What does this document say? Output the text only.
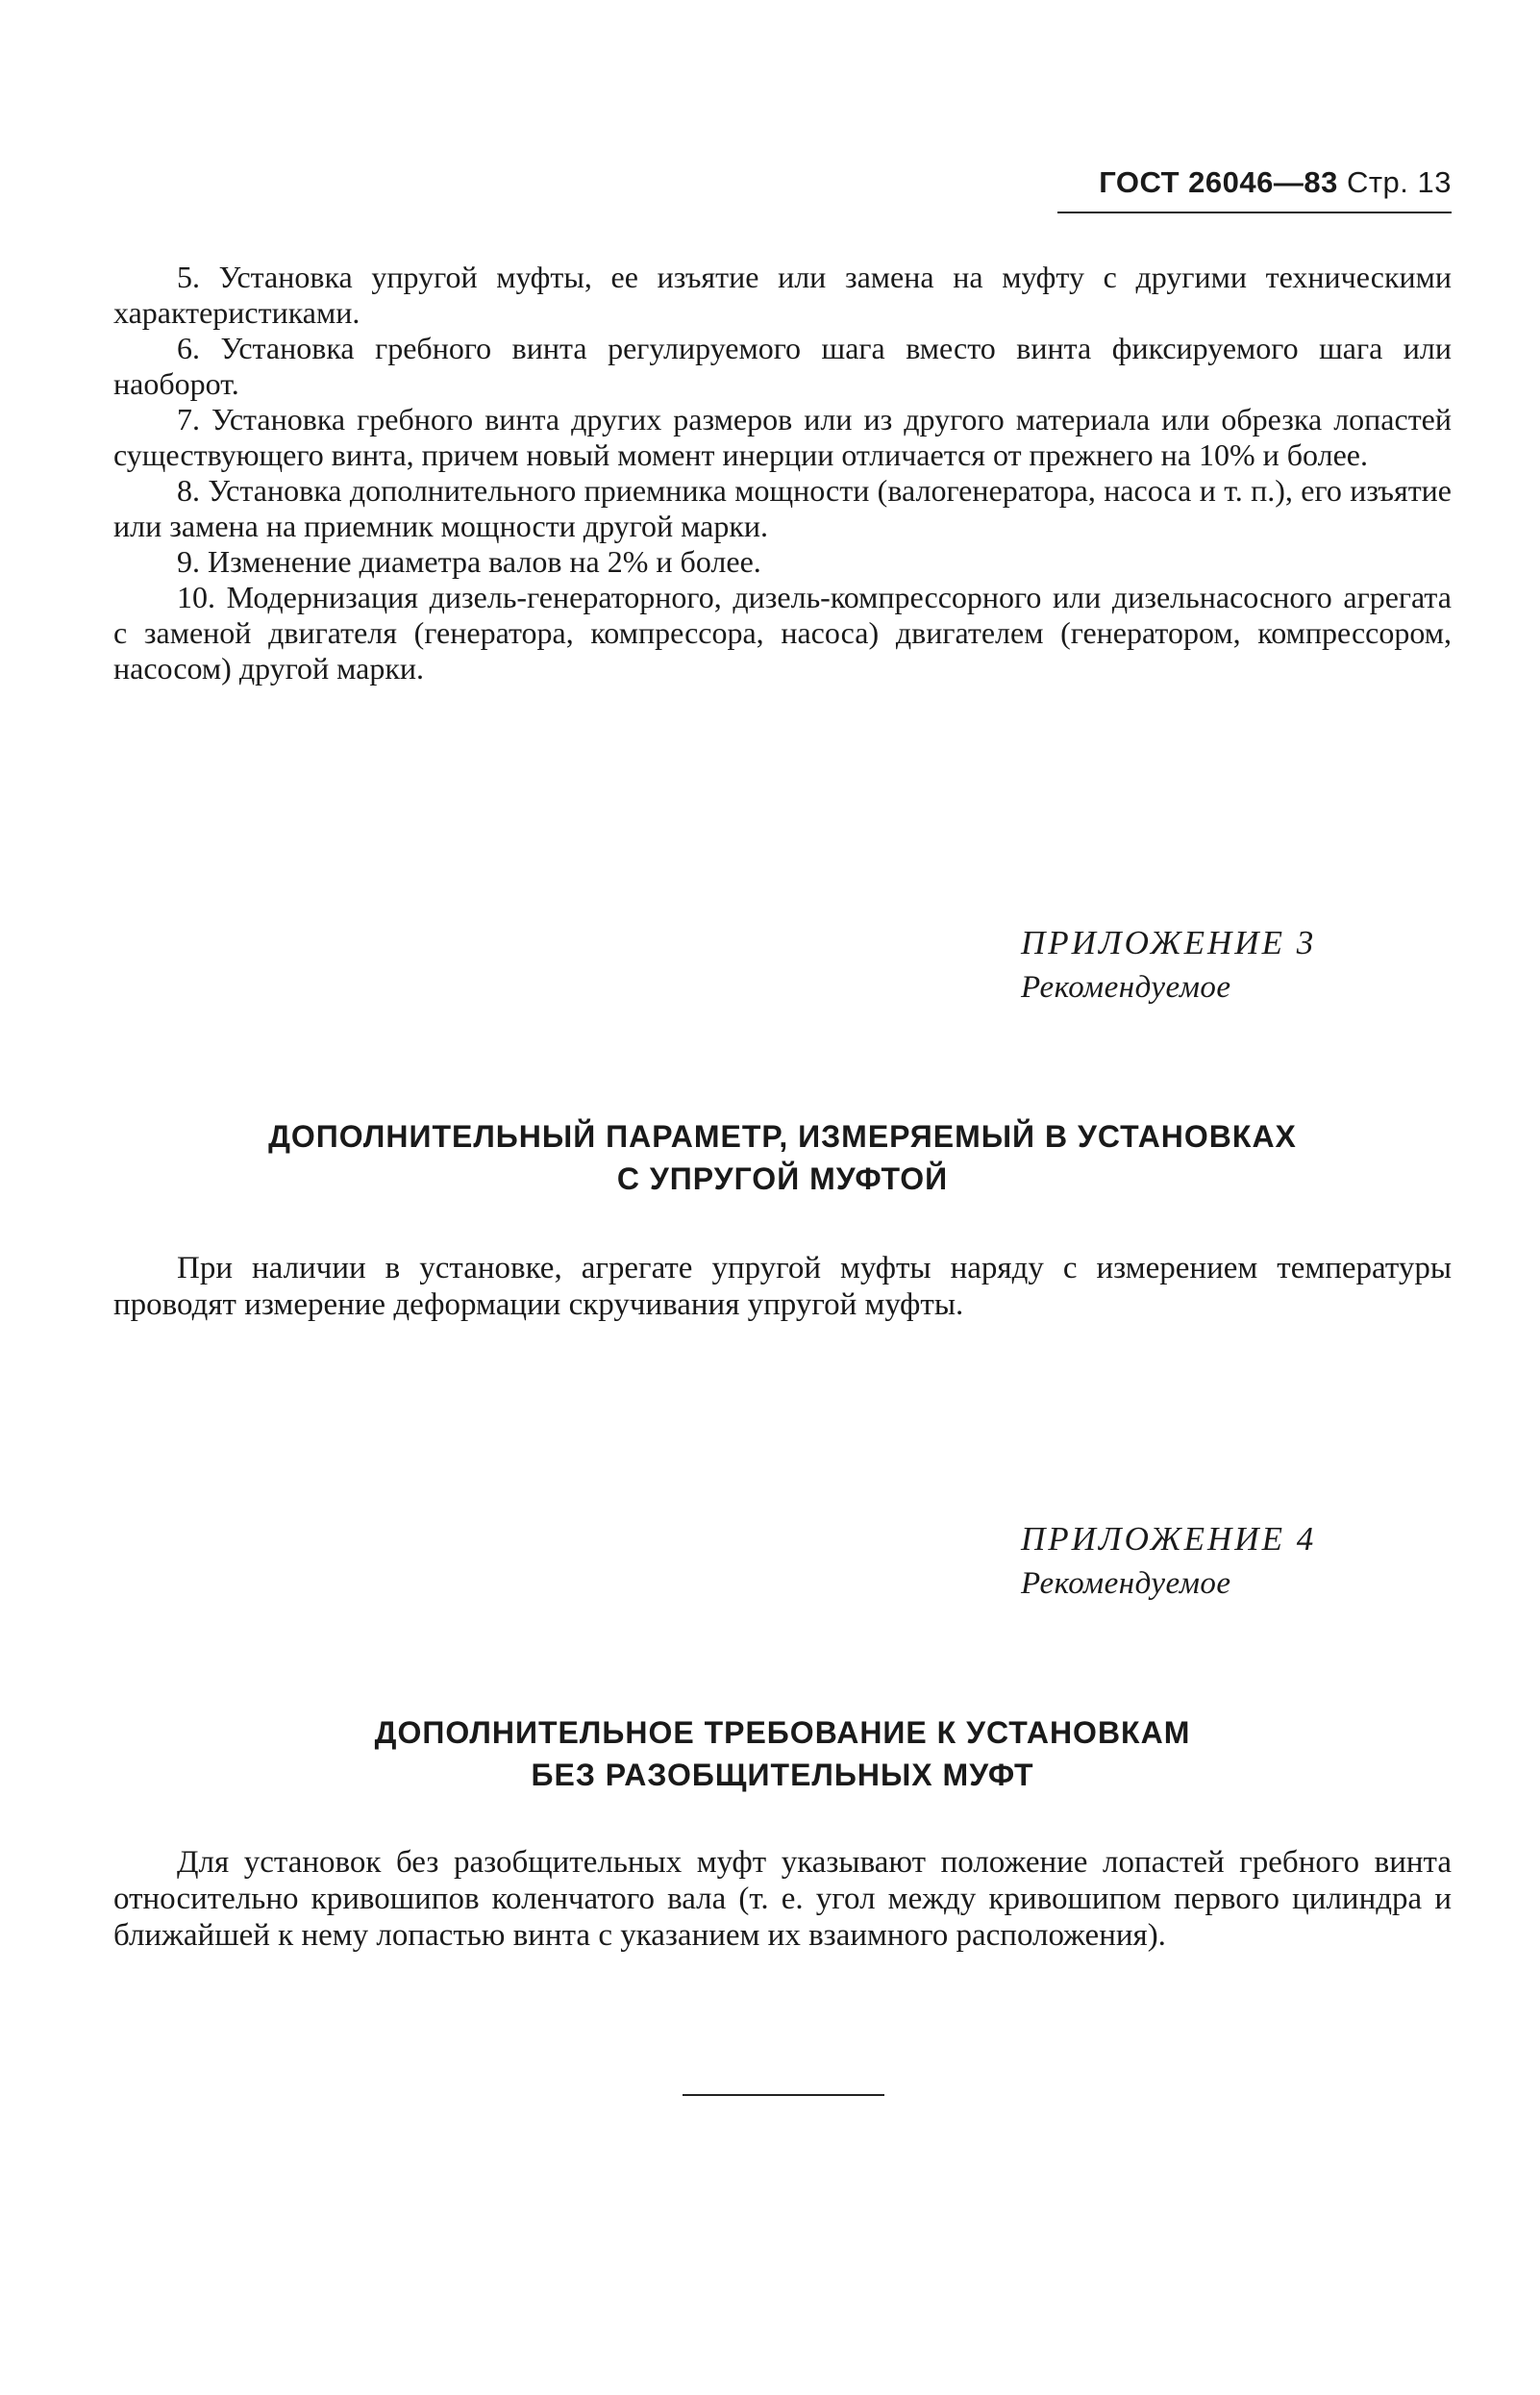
ГОСТ 26046—83 Стр. 13

5. Установка упругой муфты, ее изъятие или замена на муфту с другими техническими характеристиками.

6. Установка гребного винта регулируемого шага вместо винта фиксируемого шага или наоборот.

7. Установка гребного винта других размеров или из другого материала или обрезка лопастей существующего винта, причем новый момент инерции отличается от прежнего на 10% и более.

8. Установка дополнительного приемника мощности (валогенератора, насоса и т. п.), его изъятие или замена на приемник мощности другой марки.

9. Изменение диаметра валов на 2% и более.

10. Модернизация дизель-генераторного, дизель-компрессорного или дизельнасосного агрегата с заменой двигателя (генератора, компрессора, насоса) двигателем (генератором, компрессором, насосом) другой марки.

ПРИЛОЖЕНИЕ 3
Рекомендуемое
ДОПОЛНИТЕЛЬНЫЙ ПАРАМЕТР, ИЗМЕРЯЕМЫЙ В УСТАНОВКАХ
С УПРУГОЙ МУФТОЙ

При наличии в установке, агрегате упругой муфты наряду с измерением температуры проводят измерение деформации скручивания упругой муфты.

ПРИЛОЖЕНИЕ 4
Рекомендуемое
ДОПОЛНИТЕЛЬНОЕ ТРЕБОВАНИЕ К УСТАНОВКАМ
БЕЗ РАЗОБЩИТЕЛЬНЫХ МУФТ

Для установок без разобщительных муфт указывают положение лопастей гребного винта относительно кривошипов коленчатого вала (т. е. угол между кривошипом первого цилиндра и ближайшей к нему лопастью винта с указанием их взаимного расположения).
